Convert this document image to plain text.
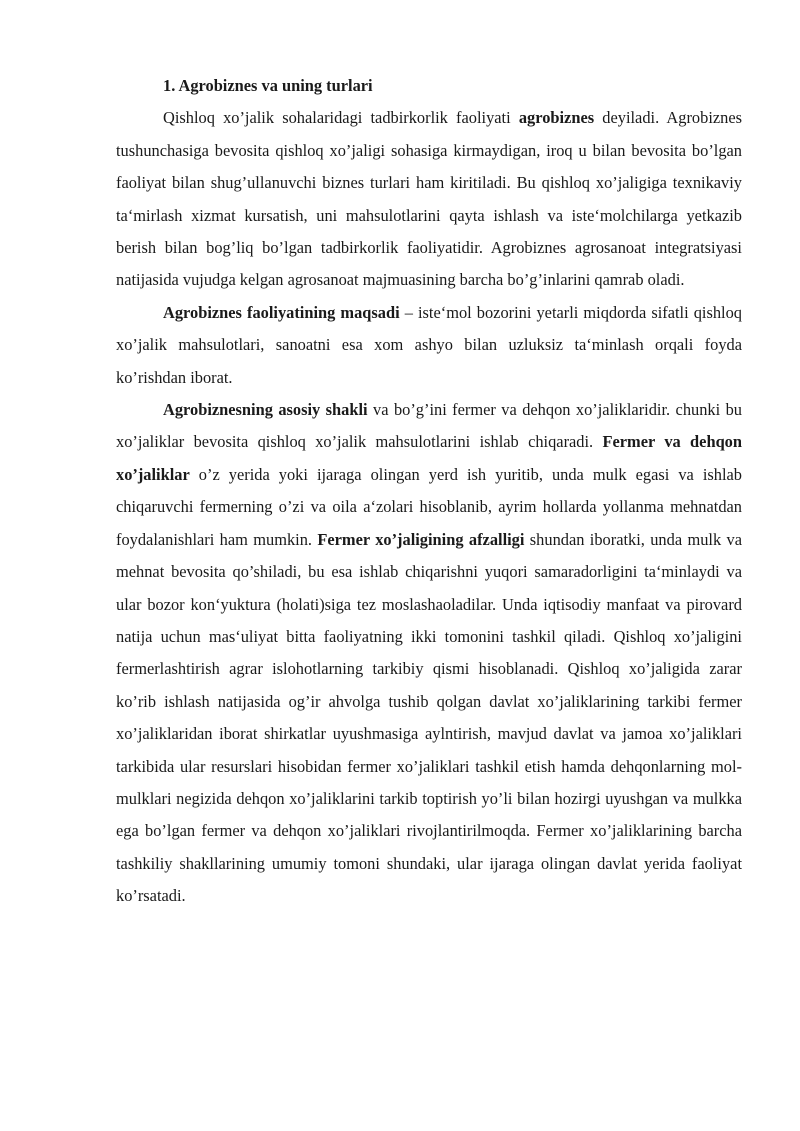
1. Agrobiznes va uning turlari

Qishloq xo’jalik sohalaridagi tadbirkorlik faoliyati agrobiznes deyiladi. Agrobiznes tushunchasiga bevosita qishloq xo’jaligi sohasiga kirmaydigan, iroq u bilan bevosita bo’lgan faoliyat bilan shug’ullanuvchi biznes turlari ham kiritiladi. Bu qishloq xo’jaligiga texnikaviy ta‘mirlash xizmat kursatish, uni mahsulotlarini qayta ishlash va iste‘molchilarga yetkazib berish bilan bog’liq bo’lgan tadbirkorlik faoliyatidir. Agrobiznes agrosanoat integratsiyasi natijasida vujudga kelgan agrosanoat majmuasining barcha bo’g’inlarini qamrab oladi.

Agrobiznes faoliyatining maqsadi – iste‘mol bozorini yetarli miqdorda sifatli qishloq xo’jalik mahsulotlari, sanoatni esa xom ashyo bilan uzluksiz ta‘minlash orqali foyda ko’rishdan iborat.

Agrobiznesning asosiy shakli va bo’g’ini fermer va dehqon xo’jaliklaridir. chunki bu xo’jaliklar bevosita qishloq xo’jalik mahsulotlarini ishlab chiqaradi. Fermer va dehqon xo’jaliklar o’z yerida yoki ijaraga olingan yerd ish yuritib, unda mulk egasi va ishlab chiqaruvchi fermerning o’zi va oila a‘zolari hisoblanib, ayrim hollarda yollanma mehnatdan foydalanishlari ham mumkin. Fermer xo’jaligining afzalligi shundan iboratki, unda mulk va mehnat bevosita qo’shiladi, bu esa ishlab chiqarishni yuqori samaradorligini ta‘minlaydi va ular bozor kon‘yuktura (holati)siga tez moslashaoladilar. Unda iqtisodiy manfaat va pirovard natija uchun mas‘uliyat bitta faoliyatning ikki tomonini tashkil qiladi. Qishloq xo’jaligini fermerlashtirish agrar islohotlarning tarkibiy qismi hisoblanadi. Qishloq xo’jaligida zarar ko’rib ishlash natijasida og’ir ahvolga tushib qolgan davlat xo’jaliklarining tarkibi fermer xo’jaliklaridan iborat shirkatlar uyushmasiga aylntirish, mavjud davlat va jamoa xo’jaliklari tarkibida ular resurslari hisobidan fermer xo’jaliklari tashkil etish hamda dehqonlarning mol-mulklari negizida dehqon xo’jaliklarini tarkib toptirish yo’li bilan hozirgi uyushgan va mulkka ega bo’lgan fermer va dehqon xo’jaliklari rivojlantirilmoqda. Fermer xo’jaliklarining barcha tashkiliy shakllarining umumiy tomoni shundaki, ular ijaraga olingan davlat yerida faoliyat ko’rsatadi.
